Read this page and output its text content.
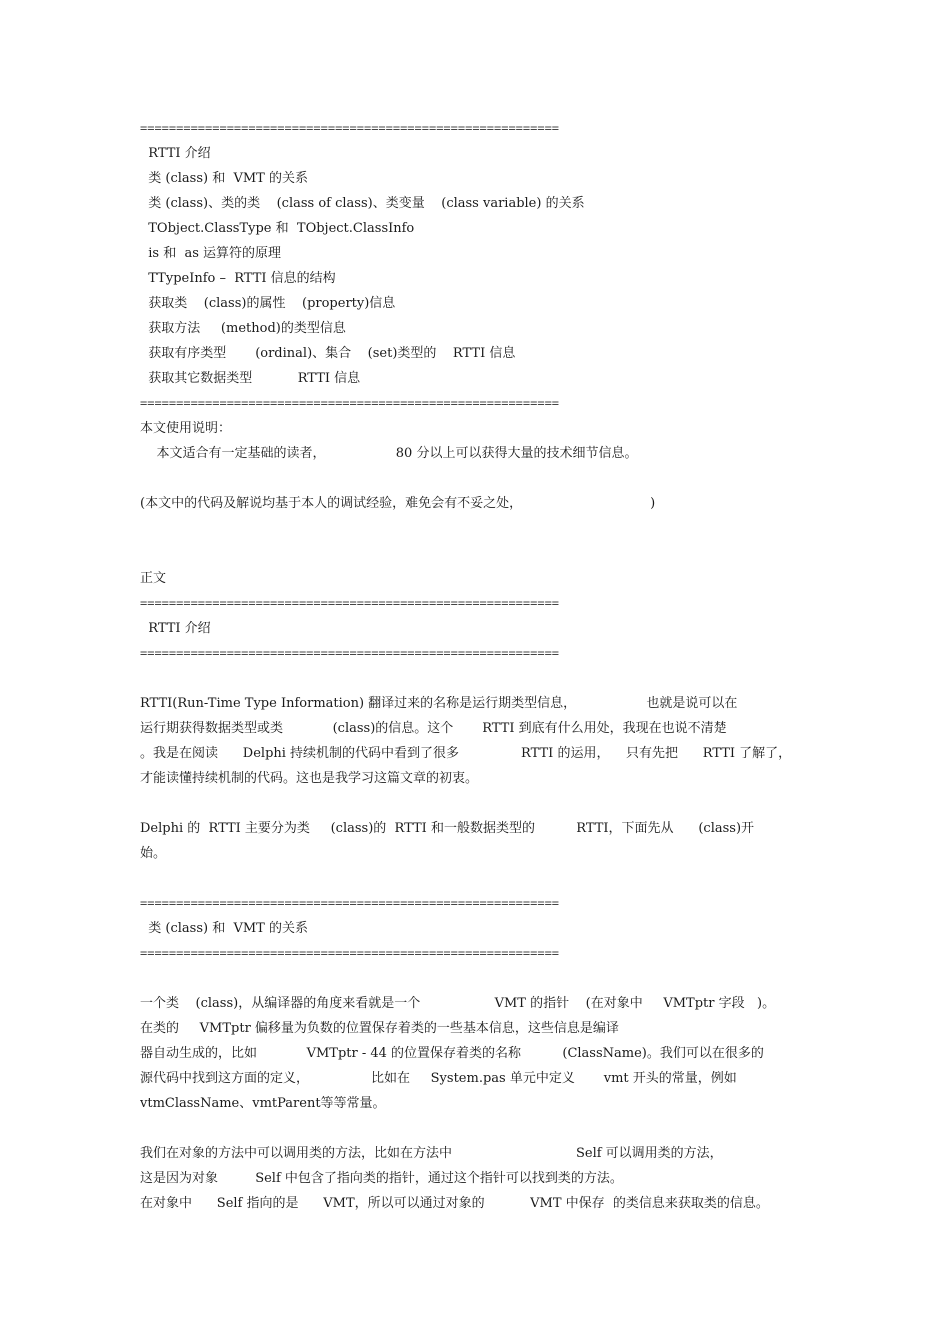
==========================================================
RTTI 介绍
类 (class) 和  VMT 的关系
类 (class)、类的类    (class of class)、类变量    (class variable) 的关系
TObject.ClassType 和  TObject.ClassInfo
is 和  as 运算符的原理
TTypeInfo –  RTTI 信息的结构
获取类    (class)的属性    (property)信息
获取方法     (method)的类型信息
获取有序类型       (ordinal)、集合    (set)类型的    RTTI 信息
获取其它数据类型           RTTI 信息
==========================================================
本文使用说明：
本文适合有一定基础的读者，                 80 分以上可以获得大量的技术细节信息。
(本文中的代码及解说均基于本人的调试经验，难免会有不妥之处，                               )
正文
==========================================================
RTTI 介绍
==========================================================
RTTI(Run-Time Type Information) 翻译过来的名称是运行期类型信息，                 也就是说可以在
运行期获得数据类型或类            (class)的信息。这个       RTTI 到底有什么用处，我现在也说不清楚
。我是在阅读      Delphi 持续机制的代码中看到了很多               RTTI 的运用，    只有先把      RTTI 了解了，
才能读懂持续机制的代码。这也是我学习这篇文章的初衷。
Delphi 的  RTTI 主要分为类     (class)的  RTTI 和一般数据类型的          RTTI，下面先从      (class)开
始。
==========================================================
类 (class) 和  VMT 的关系
==========================================================
一个类    (class)，从编译器的角度来看就是一个                  VMT 的指针    (在对象中     VMTptr 字段   )。
在类的     VMTptr 偏移量为负数的位置保存着类的一些基本信息，这些信息是编译
器自动生成的，比如            VMTptr - 44 的位置保存着类的名称          (ClassName)。我们可以在很多的
源代码中找到这方面的定义，               比如在     System.pas 单元中定义       vmt 开头的常量，例如
vtmClassName、vmtParent等等常量。
我们在对象的方法中可以调用类的方法，比如在方法中                              Self 可以调用类的方法，
这是因为对象         Self 中包含了指向类的指针，通过这个指针可以找到类的方法。
在对象中      Self 指向的是      VMT，所以可以通过对象的           VMT 中保存  的类信息来获取类的信息。
